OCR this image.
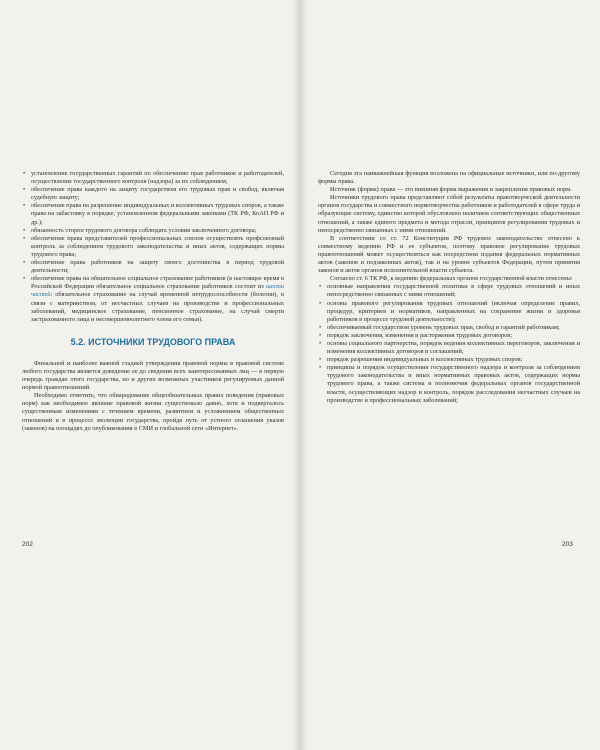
• установление государственных гарантий по обеспечению прав работников и работодателей, осуществление государственного контроля (надзора) за их соблюдением;
• обеспечение права каждого на защиту государством его трудовых прав и свобод, включая судебную защиту;
• обеспечение права на разрешение индивидуальных и коллективных трудовых споров, а также права на забастовку в порядке, установленном федеральными законами (ТК РФ, КоАП РФ и др.);
• обязанность сторон трудового договора соблюдать условия заключенного договора;
• обеспечение права представителей профессиональных союзов осуществлять профсоюзный контроль за соблюдением трудового законодательства и иных актов, содержащих нормы трудового права;
• обеспечение права работников на защиту своего достоинства в период трудовой деятельности;
• обеспечение права на обязательное социальное страхование работников (в настоящее время в Российской Федерации обязательное социальное страхование работников состоит из шести частей: обязательное страхование на случай временной нетрудоспособности (болезни), в связи с материнством, от несчастных случаев на производстве и профессиональных заболеваний, медицинское страхование, пенсионное страхование, на случай смерти застрахованного лица и несовершеннолетнего члена его семьи).
5.2. ИСТОЧНИКИ ТРУДОВОГО ПРАВА

Финальной и наиболее важной стадией утверждения правовой нормы в правовой системе любого государства является доведение ее до сведения всех заинтересованных лиц — в первую очередь граждан этого государства, но и других возможных участников регулируемых данной нормой правоотношений.

Необходимо отметить, что обнародование общеобязательных правил поведения (правовых норм) как необходимое явление правовой жизни существовало давно, хотя и подвергалось существенным изменениям с течением времени, развитием и усложнением общественных отношений и в процессе эволюции государства, пройдя путь от устного оглашения указов (законов) на площадях до опубликования в СМИ и глобальной сети «Интернет».

Сегодня эта наиважнейшая функция возложена на официальные источники, или по-другому формы права.

Источник (форма) права — это внешняя форма выражения и закрепления правовых норм.

Источники трудового права представляют собой результаты правотворческой деятельности органов государства и совместного нормотворчества работников и работодателей в сфере труда и образующие систему, единство которой обусловлено наличием соответствующих общественных отношений, а также единого предмета и метода отрасли, принципов регулирования трудовых и непосредственно связанных с ними отношений.

В соответствии со ст. 72 Конституции РФ трудовое законодательство отнесено к совместному ведению РФ и ее субъектов, поэтому правовое регулирование трудовых правоотношений может осуществляться как посредством издания федеральных нормативных актов (законов и подзаконных актов), так и на уровне субъектов Федерации, путем принятия законов и актов органов исполнительной власти субъекта.

Согласно ст. 6 ТК РФ, к ведению федеральных органов государственной власти отнесены:

• основные направления государственной политики в сфере трудовых отношений и иных непосредственно связанных с ними отношений;
• основы правового регулирования трудовых отношений (включая определение правил, процедур, критериев и нормативов, направленных на сохранение жизни и здоровья работников в процессе трудовой деятельности);
• обеспечиваемый государством уровень трудовых прав, свобод и гарантий работникам;
• порядок заключения, изменения и расторжения трудовых договоров;
• основы социального партнерства, порядок ведения коллективных переговоров, заключения и изменения коллективных договоров и соглашений;
• порядок разрешения индивидуальных и коллективных трудовых споров;
• принципы и порядок осуществления государственного надзора и контроля за соблюдением трудового законодательства и иных нормативных правовых актов, содержащих нормы трудового права, а также система и полномочия федеральных органов государственной власти, осуществляющих надзор и контроль, порядок расследования несчастных случаев на производстве и профессиональных заболеваний;
202	203
